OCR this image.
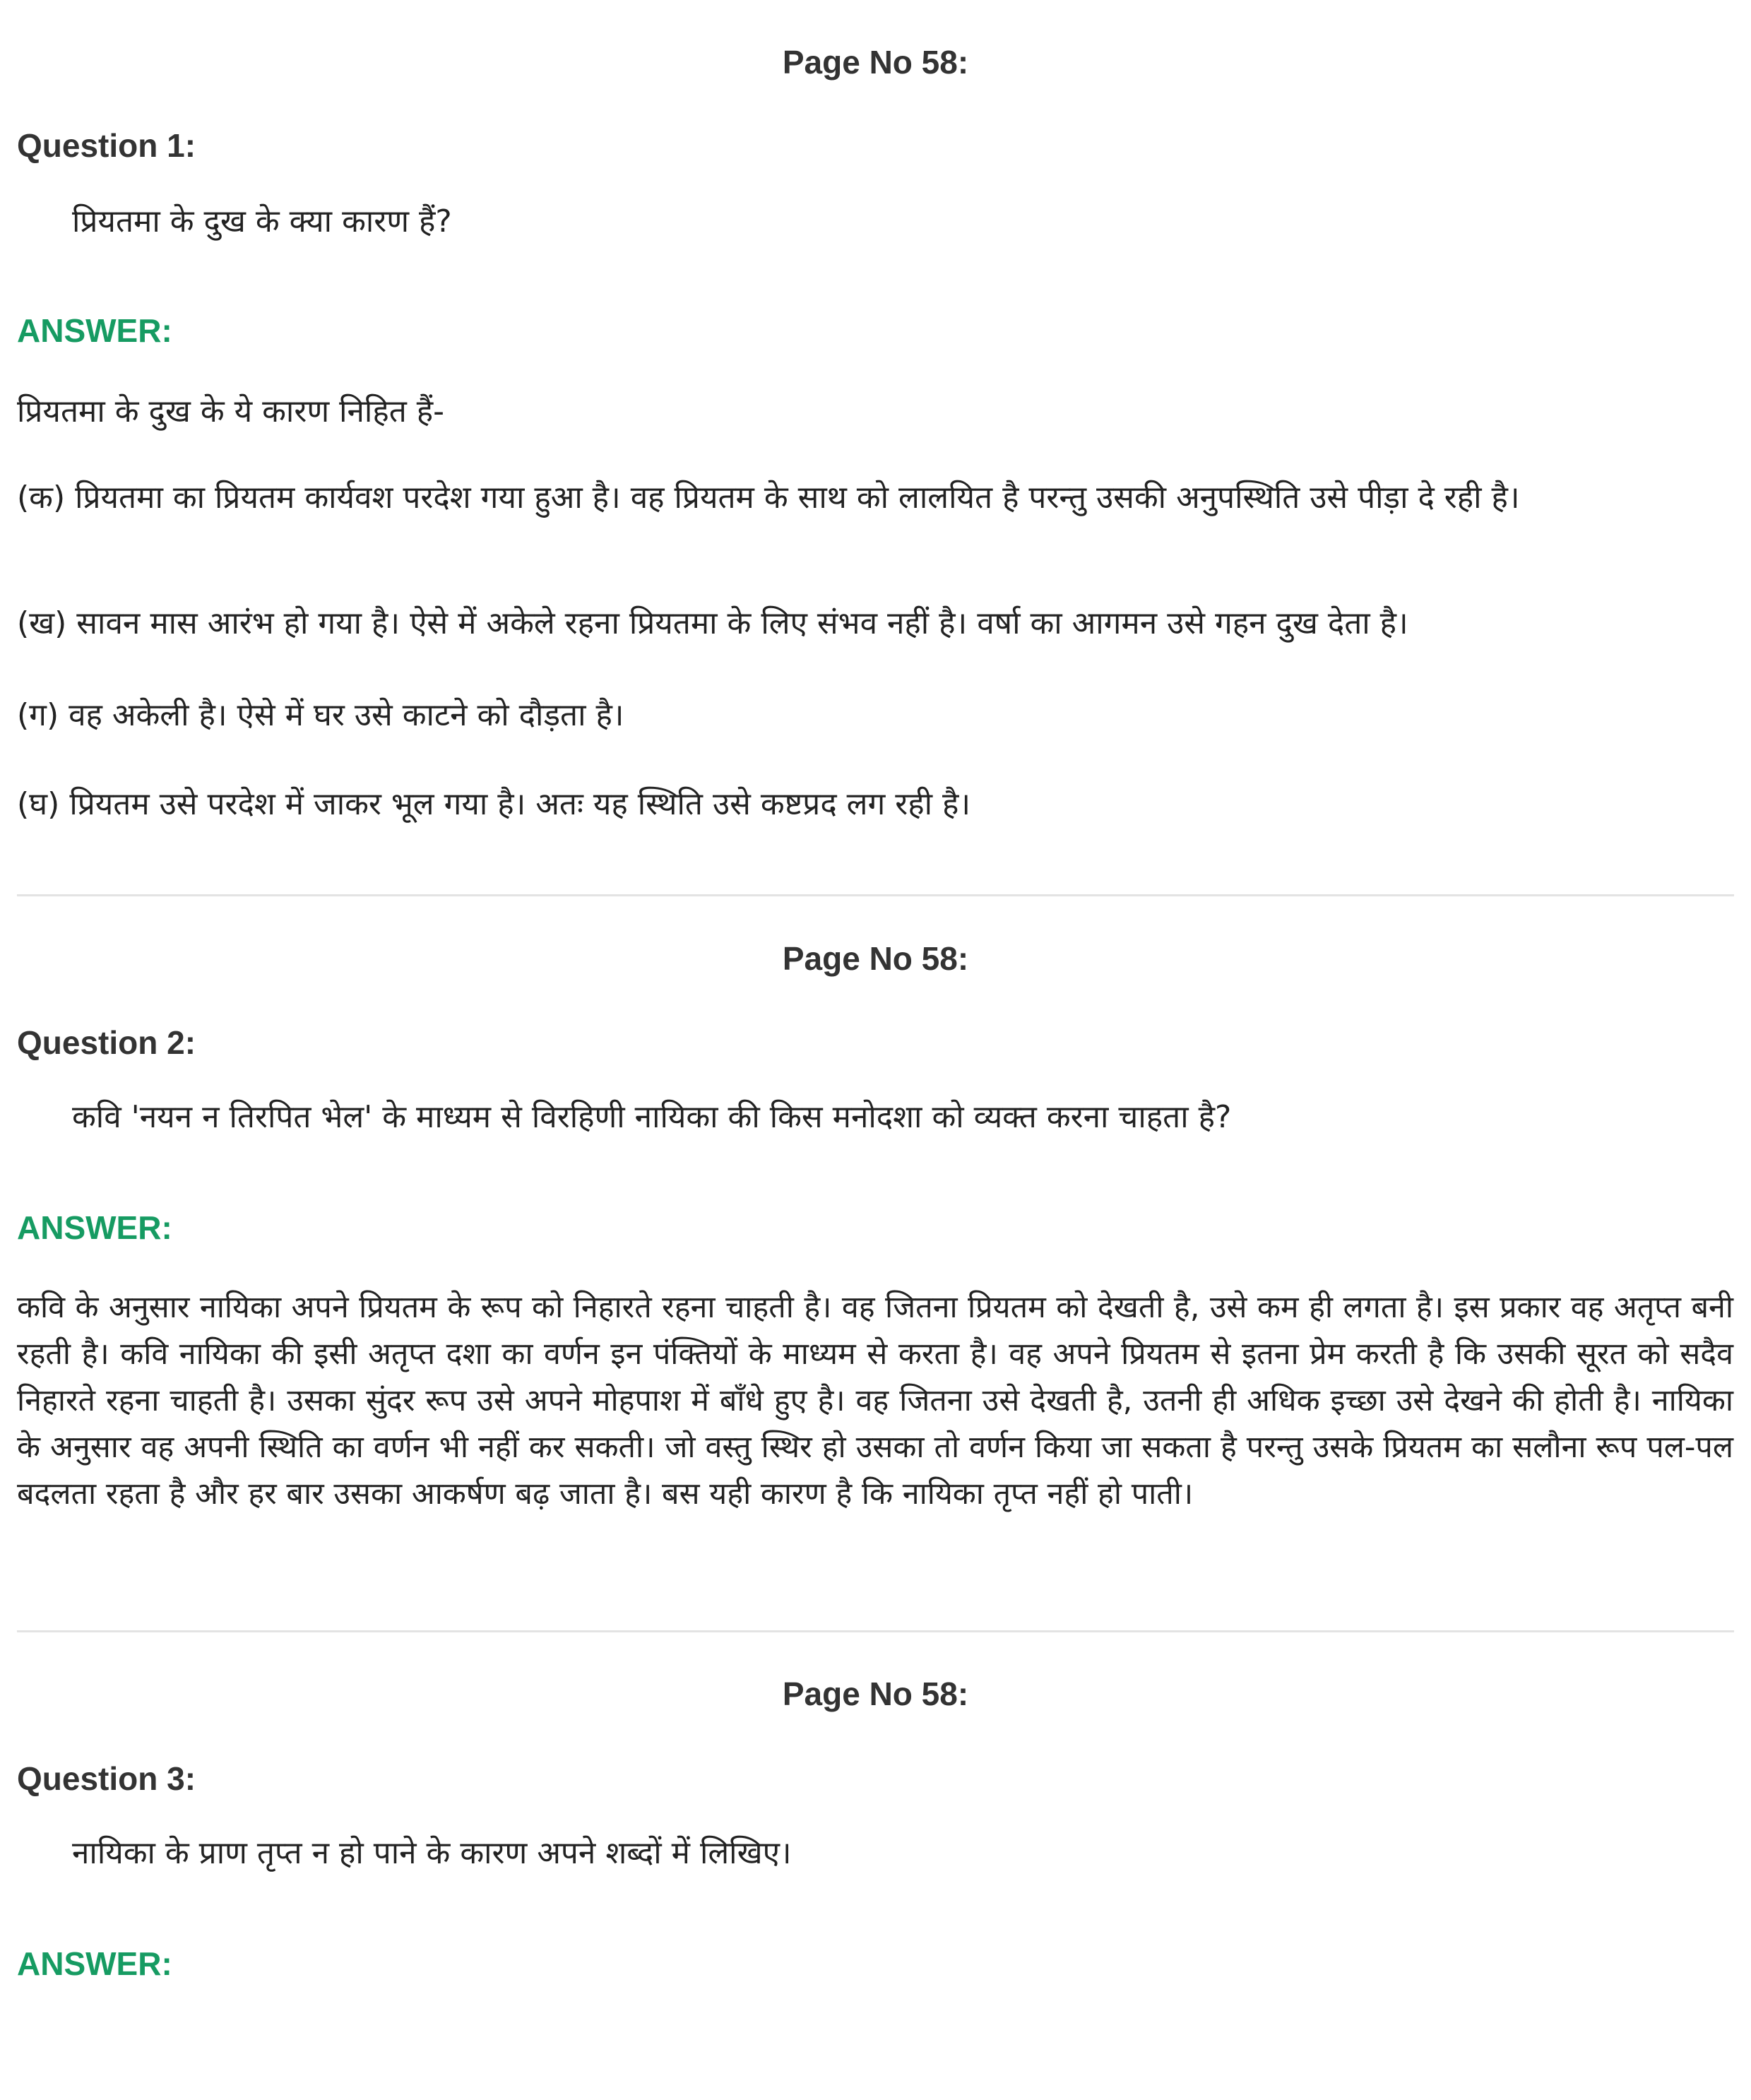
Page No 58:
Question 1:
प्रियतमा के दुख के क्या कारण हैं?
ANSWER:
प्रियतमा के दुख के ये कारण निहित हैं-
(क) प्रियतमा का प्रियतम कार्यवश परदेश गया हुआ है। वह प्रियतम के साथ को लालयित है परन्तु उसकी अनुपस्थिति उसे पीड़ा दे रही है।
(ख) सावन मास आरंभ हो गया है। ऐसे में अकेले रहना प्रियतमा के लिए संभव नहीं है। वर्षा का आगमन उसे गहन दुख देता है।
(ग) वह अकेली है। ऐसे में घर उसे काटने को दौड़ता है।
(घ) प्रियतम उसे परदेश में जाकर भूल गया है। अतः यह स्थिति उसे कष्टप्रद लग रही है।
Page No 58:
Question 2:
कवि 'नयन न तिरपित भेल' के माध्यम से विरहिणी नायिका की किस मनोदशा को व्यक्त करना चाहता है?
ANSWER:
कवि के अनुसार नायिका अपने प्रियतम के रूप को निहारते रहना चाहती है। वह जितना प्रियतम को देखती है, उसे कम ही लगता है। इस प्रकार वह अतृप्त बनी रहती है। कवि नायिका की इसी अतृप्त दशा का वर्णन इन पंक्तियों के माध्यम से करता है। वह अपने प्रियतम से इतना प्रेम करती है कि उसकी सूरत को सदैव निहारते रहना चाहती है। उसका सुंदर रूप उसे अपने मोहपाश में बाँधे हुए है। वह जितना उसे देखती है, उतनी ही अधिक इच्छा उसे देखने की होती है। नायिका के अनुसार वह अपनी स्थिति का वर्णन भी नहीं कर सकती। जो वस्तु स्थिर हो उसका तो वर्णन किया जा सकता है परन्तु उसके प्रियतम का सलौना रूप पल-पल बदलता रहता है और हर बार उसका आकर्षण बढ़ जाता है। बस यही कारण है कि नायिका तृप्त नहीं हो पाती।
Page No 58:
Question 3:
नायिका के प्राण तृप्त न हो पाने के कारण अपने शब्दों में लिखिए।
ANSWER:
